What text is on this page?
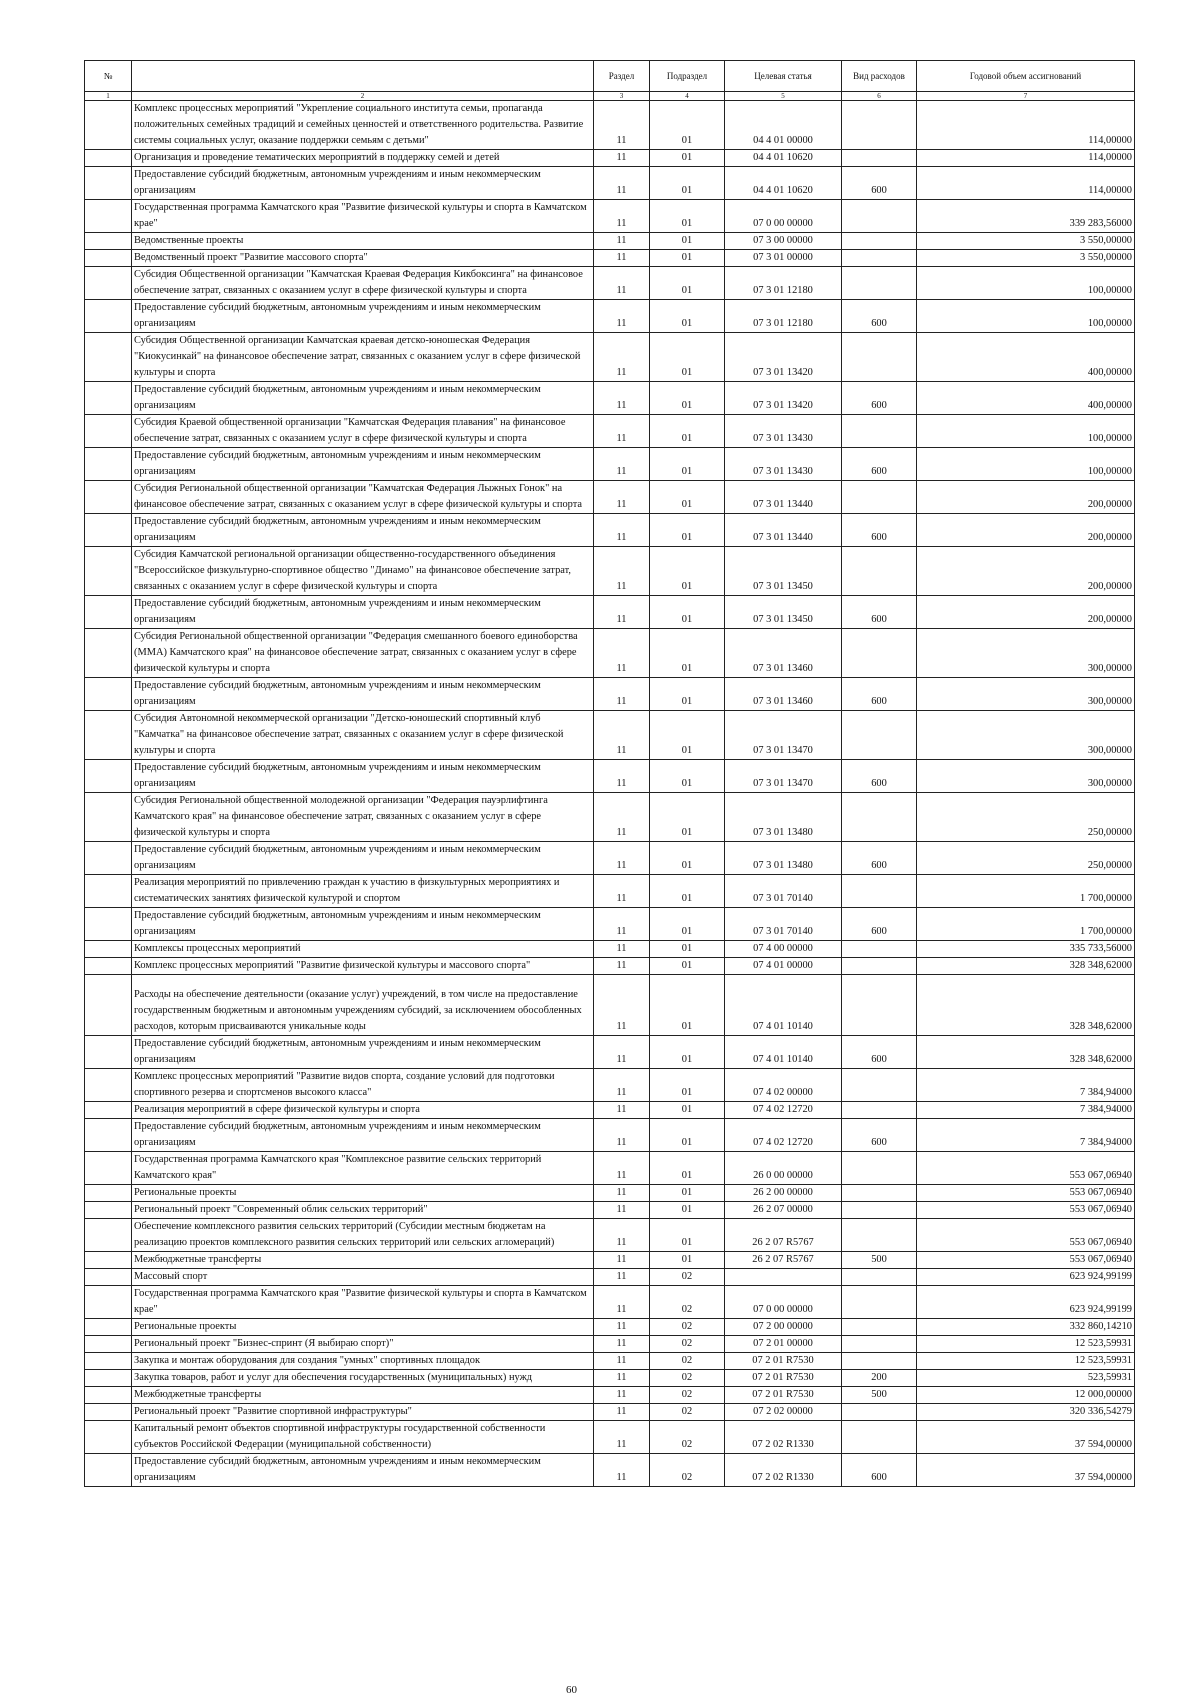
№		Раздел	Подраздел	Целевая статья	Вид расходов	Годовой объем ассигнований
1	2	3	4	5	6	7
	Комплекс процессных мероприятий "Укрепление социального института семьи, пропаганда положительных семейных традиций и семейных ценностей и ответственного родительства. Развитие системы социальных услуг, оказание поддержки семьям с детьми"	11	01	04 4 01 00000		114,00000
	Организация и проведение тематических мероприятий в поддержку семей и детей	11	01	04 4 01 10620		114,00000
	Предоставление субсидий бюджетным, автономным учреждениям и иным некоммерческим организациям	11	01	04 4 01 10620	600	114,00000
	Государственная программа Камчатского края "Развитие физической культуры и спорта в Камчатском крае"	11	01	07 0 00 00000		339 283,56000
	Ведомственные проекты	11	01	07 3 00 00000		3 550,00000
	Ведомственный проект "Развитие массового спорта"	11	01	07 3 01 00000		3 550,00000
	Субсидия Общественной организации "Камчатская Краевая Федерация Кикбоксинга" на финансовое обеспечение затрат, связанных с оказанием услуг в сфере физической культуры и спорта	11	01	07 3 01 12180		100,00000
	Предоставление субсидий бюджетным, автономным учреждениям и иным некоммерческим организациям	11	01	07 3 01 12180	600	100,00000
	Субсидия Общественной организации Камчатская краевая детско-юношеская Федерация "Киокусинкай" на финансовое обеспечение затрат, связанных с оказанием услуг в сфере физической культуры и спорта	11	01	07 3 01 13420		400,00000
	Предоставление субсидий бюджетным, автономным учреждениям и иным некоммерческим организациям	11	01	07 3 01 13420	600	400,00000
	Субсидия Краевой общественной организации "Камчатская Федерация плавания" на финансовое обеспечение затрат, связанных с оказанием услуг в сфере физической культуры и спорта	11	01	07 3 01 13430		100,00000
	Предоставление субсидий бюджетным, автономным учреждениям и иным некоммерческим организациям	11	01	07 3 01 13430	600	100,00000
	Субсидия Региональной общественной организации "Камчатская Федерация Лыжных Гонок" на финансовое обеспечение затрат, связанных с оказанием услуг в сфере физической культуры и спорта	11	01	07 3 01 13440		200,00000
	Предоставление субсидий бюджетным, автономным учреждениям и иным некоммерческим организациям	11	01	07 3 01 13440	600	200,00000
	Субсидия Камчатской региональной организации общественно-государственного объединения "Всероссийское физкультурно-спортивное общество "Динамо" на финансовое обеспечение затрат, связанных с оказанием услуг в сфере физической культуры и спорта	11	01	07 3 01 13450		200,00000
	Предоставление субсидий бюджетным, автономным учреждениям и иным некоммерческим организациям	11	01	07 3 01 13450	600	200,00000
	Субсидия Региональной общественной организации "Федерация смешанного боевого единоборства (ММА) Камчатского края" на финансовое обеспечение затрат, связанных с оказанием услуг в сфере физической культуры и спорта	11	01	07 3 01 13460		300,00000
	Предоставление субсидий бюджетным, автономным учреждениям и иным некоммерческим организациям	11	01	07 3 01 13460	600	300,00000
	Субсидия Автономной некоммерческой организации "Детско-юношеский спортивный клуб "Камчатка" на финансовое обеспечение затрат, связанных с оказанием услуг в сфере физической культуры и спорта	11	01	07 3 01 13470		300,00000
	Предоставление субсидий бюджетным, автономным учреждениям и иным некоммерческим организациям	11	01	07 3 01 13470	600	300,00000
	Субсидия Региональной общественной молодежной организации "Федерация пауэрлифтинга Камчатского края" на финансовое обеспечение затрат, связанных с оказанием услуг в сфере физической культуры и спорта	11	01	07 3 01 13480		250,00000
	Предоставление субсидий бюджетным, автономным учреждениям и иным некоммерческим организациям	11	01	07 3 01 13480	600	250,00000
	Реализация мероприятий по привлечению граждан к участию в физкультурных мероприятиях и систематических занятиях физической культурой и спортом	11	01	07 3 01 70140		1 700,00000
	Предоставление субсидий бюджетным, автономным учреждениям и иным некоммерческим организациям	11	01	07 3 01 70140	600	1 700,00000
	Комплексы процессных мероприятий	11	01	07 4 00 00000		335 733,56000
	Комплекс процессных мероприятий "Развитие физической культуры и массового спорта"	11	01	07 4 01 00000		328 348,62000
	Расходы на обеспечение деятельности (оказание услуг) учреждений, в том числе на предоставление государственным бюджетным и автономным учреждениям субсидий, за исключением обособленных расходов, которым присваиваются уникальные коды	11	01	07 4 01 10140		328 348,62000
	Предоставление субсидий бюджетным, автономным учреждениям и иным некоммерческим организациям	11	01	07 4 01 10140	600	328 348,62000
	Комплекс процессных мероприятий "Развитие видов спорта, создание условий для подготовки спортивного резерва и спортсменов высокого класса"	11	01	07 4 02 00000		7 384,94000
	Реализация мероприятий в сфере физической культуры и спорта	11	01	07 4 02 12720		7 384,94000
	Предоставление субсидий бюджетным, автономным учреждениям и иным некоммерческим организациям	11	01	07 4 02 12720	600	7 384,94000
	Государственная программа Камчатского края "Комплексное развитие сельских территорий Камчатского края"	11	01	26 0 00 00000		553 067,06940
	Региональные проекты	11	01	26 2 00 00000		553 067,06940
	Региональный проект "Современный облик сельских территорий"	11	01	26 2 07 00000		553 067,06940
	Обеспечение комплексного развития сельских территорий (Субсидии местным бюджетам на реализацию проектов комплексного развития сельских территорий или сельских агломераций)	11	01	26 2 07 R5767		553 067,06940
	Межбюджетные трансферты	11	01	26 2 07 R5767	500	553 067,06940
	Массовый спорт	11	02			623 924,99199
	Государственная программа Камчатского края "Развитие физической культуры и спорта в Камчатском крае"	11	02	07 0 00 00000		623 924,99199
	Региональные проекты	11	02	07 2 00 00000		332 860,14210
	Региональный проект "Бизнес-спринт (Я выбираю спорт)"	11	02	07 2 01 00000		12 523,59931
	Закупка и монтаж оборудования для создания "умных" спортивных площадок	11	02	07 2 01 R7530		12 523,59931
	Закупка товаров, работ и услуг для обеспечения государственных (муниципальных) нужд	11	02	07 2 01 R7530	200	523,59931
	Межбюджетные трансферты	11	02	07 2 01 R7530	500	12 000,00000
	Региональный проект "Развитие спортивной инфраструктуры"	11	02	07 2 02 00000		320 336,54279
	Капитальный ремонт объектов спортивной инфраструктуры государственной собственности субъектов Российской Федерации (муниципальной собственности)	11	02	07 2 02 R1330		37 594,00000
	Предоставление субсидий бюджетным, автономным учреждениям и иным некоммерческим организациям	11	02	07 2 02 R1330	600	37 594,00000
60
